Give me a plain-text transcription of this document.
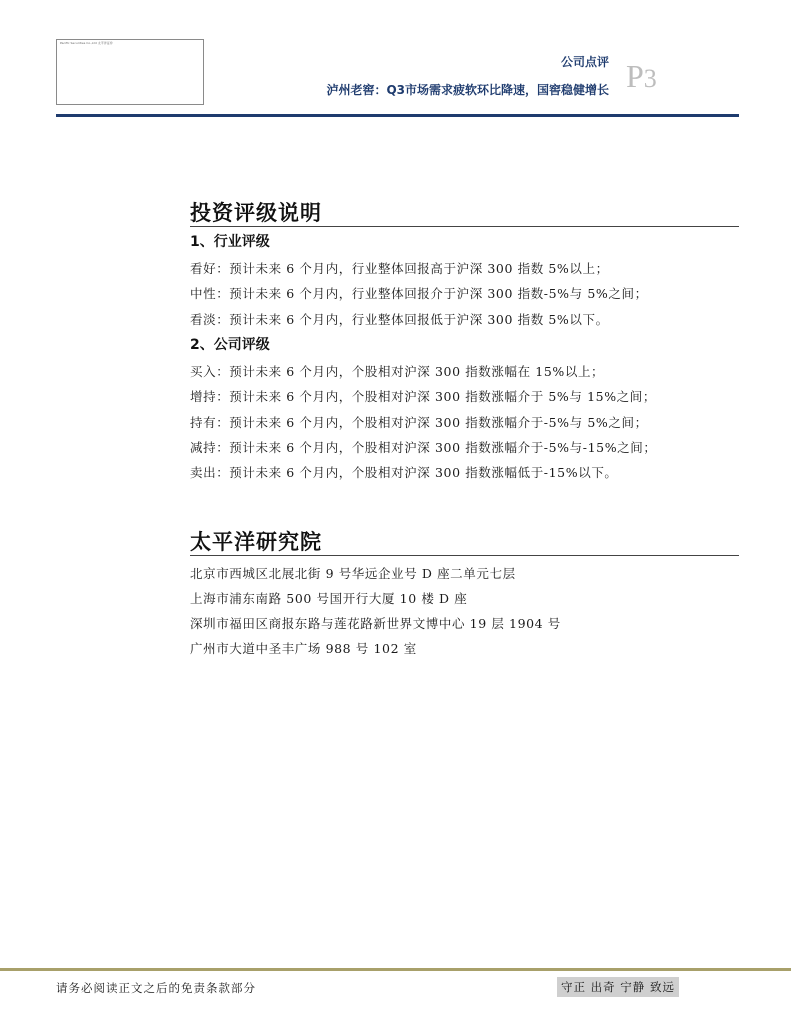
Pacific Securities Co.,Ltd 太平洋证券
公司点评
泸州老窖：Q3市场需求疲软环比降速，国窖稳健增长 P3
投资评级说明
1、行业评级
看好：预计未来 6 个月内，行业整体回报高于沪深 300 指数 5%以上；
中性：预计未来 6 个月内，行业整体回报介于沪深 300 指数-5%与 5%之间；
看淡：预计未来 6 个月内，行业整体回报低于沪深 300 指数 5%以下。
2、公司评级
买入：预计未来 6 个月内，个股相对沪深 300 指数涨幅在 15%以上；
增持：预计未来 6 个月内，个股相对沪深 300 指数涨幅介于 5%与 15%之间；
持有：预计未来 6 个月内，个股相对沪深 300 指数涨幅介于-5%与 5%之间；
减持：预计未来 6 个月内，个股相对沪深 300 指数涨幅介于-5%与-15%之间；
卖出：预计未来 6 个月内，个股相对沪深 300 指数涨幅低于-15%以下。
太平洋研究院
北京市西城区北展北街 9 号华远企业号 D 座二单元七层
上海市浦东南路 500 号国开行大厦 10 楼 D 座
深圳市福田区商报东路与莲花路新世界文博中心 19 层 1904 号
广州市大道中圣丰广场 988 号 102 室
请务必阅读正文之后的免责条款部分	守正 出奇 宁静 致远
